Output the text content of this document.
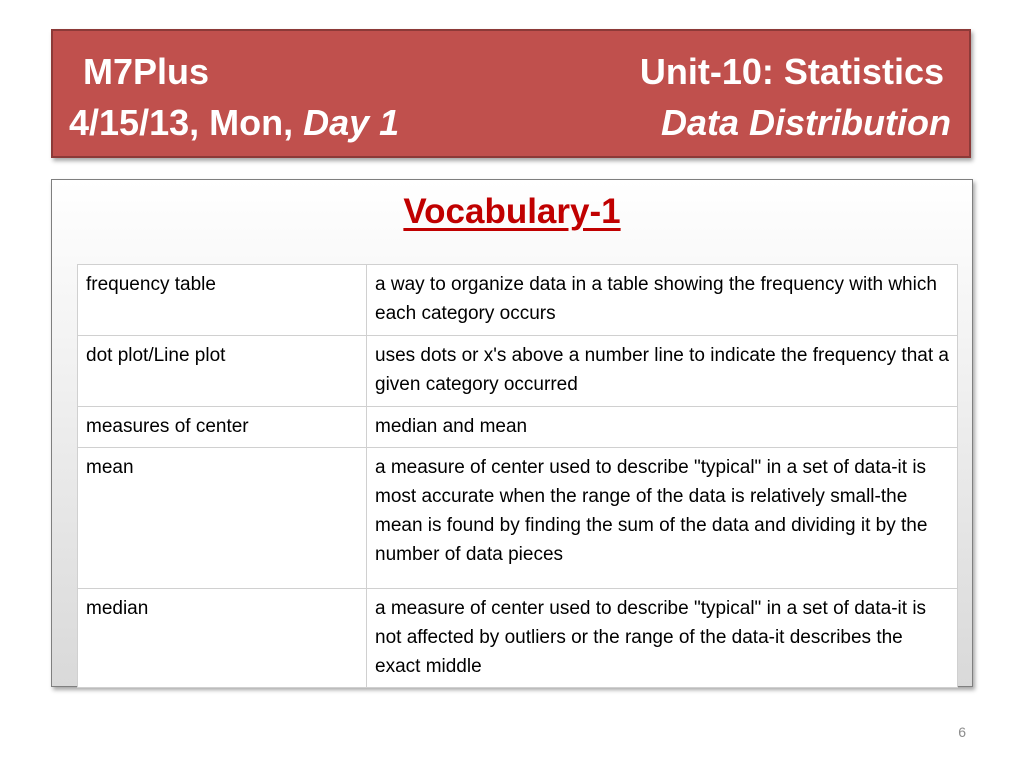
M7Plus
4/15/13, Mon, Day 1
Unit-10: Statistics
Data Distribution
Vocabulary-1
frequency table	a way to organize data in a table showing the frequency with which each category occurs
dot plot/Line plot	uses dots or x's above a number line to indicate the frequency that a given category occurred
measures of center	median and mean
mean	a measure of center used to describe "typical" in a set of data-it is most accurate when the range of the data is relatively small-the mean is found by finding the sum of the data and dividing it by the number of data pieces
median	a measure of center used to describe "typical" in a set of data-it is not affected by outliers or the range of the data-it describes the exact middle
6
